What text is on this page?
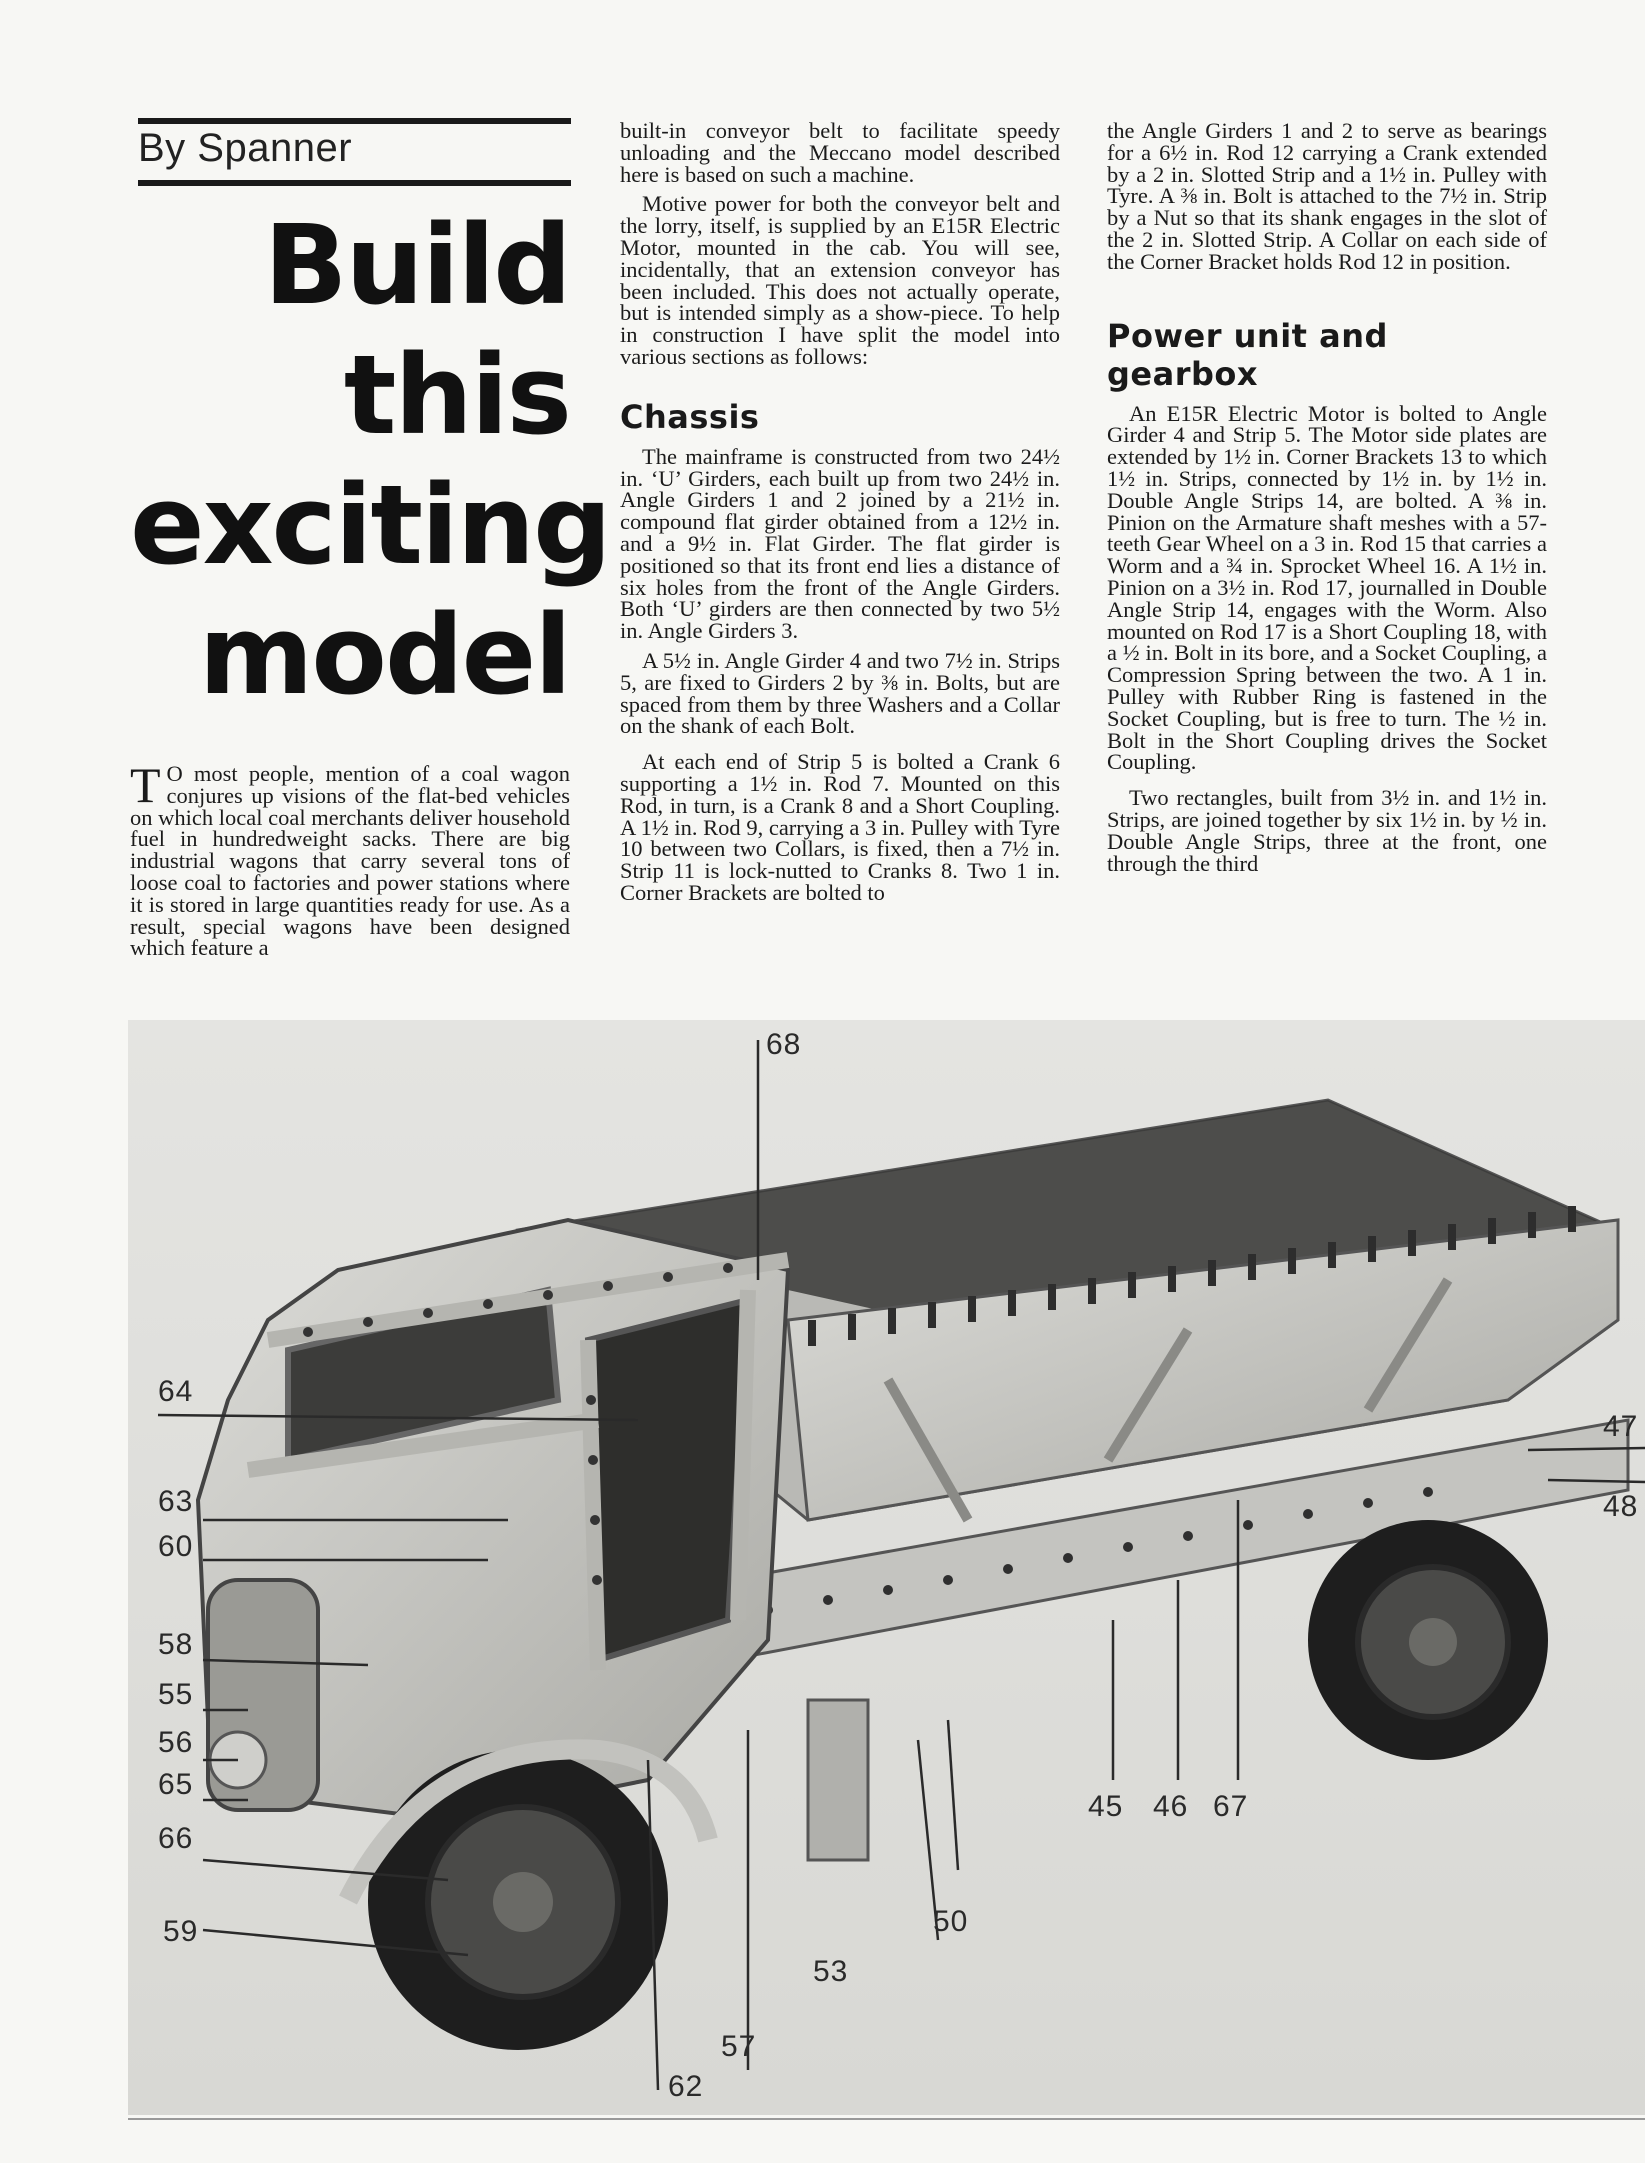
By Spanner
Build
this
exciting
model

T O most people, mention of a coal wagon conjures up visions of the flat-bed vehicles on which local coal merchants deliver household fuel in hundredweight sacks. There are big industrial wagons that carry several tons of loose coal to factories and power stations where it is stored in large quantities ready for use. As a result, special wagons have been designed which feature a

built-in conveyor belt to facilitate speedy unloading and the Meccano model described here is based on such a machine.

Motive power for both the conveyor belt and the lorry, itself, is supplied by an E15R Electric Motor, mounted in the cab. You will see, incidentally, that an extension conveyor has been included. This does not actually operate, but is intended simply as a show-piece. To help in construction I have split the model into various sections as follows:

Chassis

The mainframe is constructed from two 24½ in. ‘U’ Girders, each built up from two 24½ in. Angle Girders 1 and 2 joined by a 21½ in. compound flat girder obtained from a 12½ in. and a 9½ in. Flat Girder. The flat girder is positioned so that its front end lies a distance of six holes from the front of the Angle Girders. Both ‘U’ girders are then connected by two 5½ in. Angle Girders 3.

A 5½ in. Angle Girder 4 and two 7½ in. Strips 5, are fixed to Girders 2 by ⅜ in. Bolts, but are spaced from them by three Washers and a Collar on the shank of each Bolt.

At each end of Strip 5 is bolted a Crank 6 supporting a 1½ in. Rod 7. Mounted on this Rod, in turn, is a Crank 8 and a Short Coupling. A 1½ in. Rod 9, carrying a 3 in. Pulley with Tyre 10 between two Collars, is fixed, then a 7½ in. Strip 11 is lock-nutted to Cranks 8. Two 1 in. Corner Brackets are bolted to

the Angle Girders 1 and 2 to serve as bearings for a 6½ in. Rod 12 carrying a Crank extended by a 2 in. Slotted Strip and a 1½ in. Pulley with Tyre. A ⅜ in. Bolt is attached to the 7½ in. Strip by a Nut so that its shank engages in the slot of the 2 in. Slotted Strip. A Collar on each side of the Corner Bracket holds Rod 12 in position.

Power unit and gearbox

An E15R Electric Motor is bolted to Angle Girder 4 and Strip 5. The Motor side plates are extended by 1½ in. Corner Brackets 13 to which 1½ in. Strips, connected by 1½ in. by 1½ in. Double Angle Strips 14, are bolted. A ⅜ in. Pinion on the Armature shaft meshes with a 57-teeth Gear Wheel on a 3 in. Rod 15 that carries a Worm and a ¾ in. Sprocket Wheel 16. A 1½ in. Pinion on a 3½ in. Rod 17, journalled in Double Angle Strip 14, engages with the Worm. Also mounted on Rod 17 is a Short Coupling 18, with a ½ in. Bolt in its bore, and a Socket Coupling, a Compression Spring between the two. A 1 in. Pulley with Rubber Ring is fastened in the Socket Coupling, but is free to turn. The ½ in. Bolt in the Short Coupling drives the Socket Coupling.

Two rectangles, built from 3½ in. and 1½ in. Strips, are joined together by six 1½ in. by ½ in. Double Angle Strips, three at the front, one through the third

68
64
63
60
58
55
56
65
66
59
47
48
45 46 67
50
53
57
62
